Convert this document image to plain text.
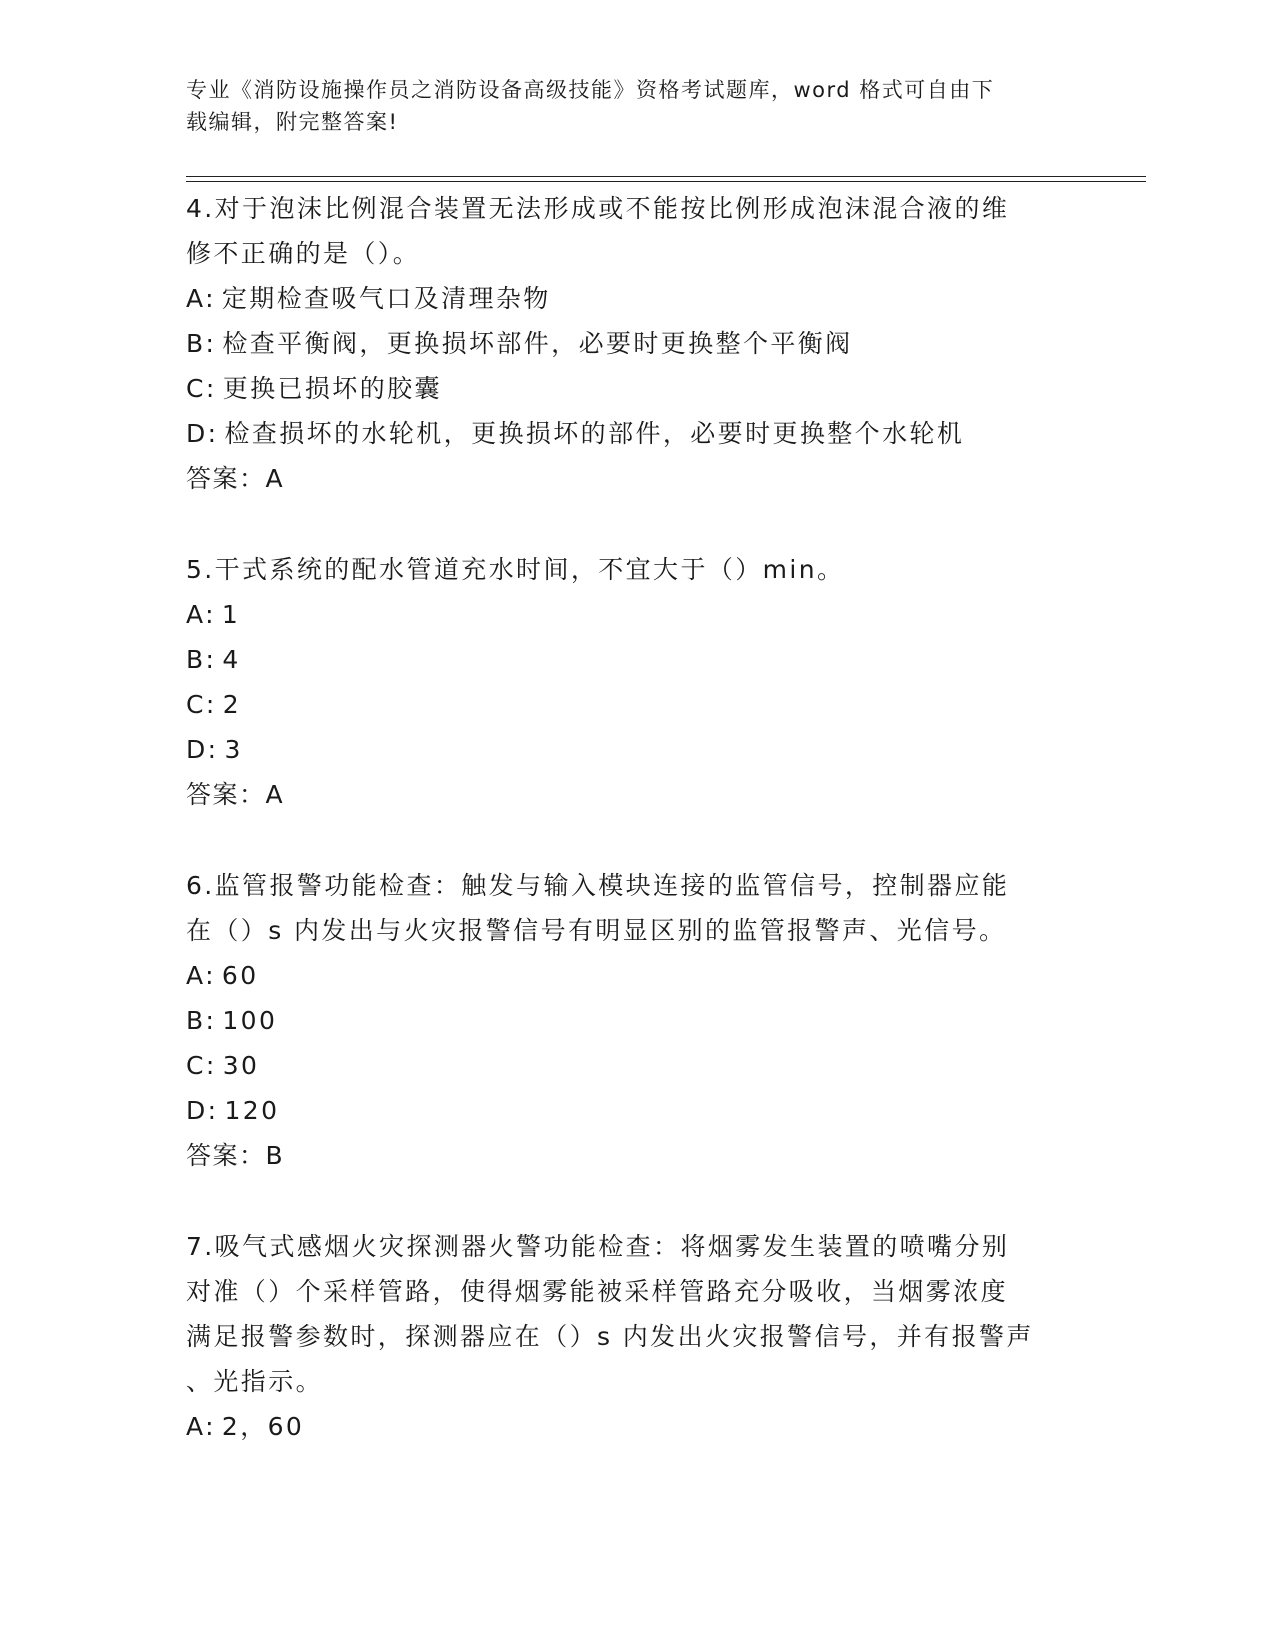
专业《消防设施操作员之消防设备高级技能》资格考试题库，word 格式可自由下
载编辑，附完整答案!
4.对于泡沫比例混合装置无法形成或不能按比例形成泡沫混合液的维
修不正确的是（）。
A: 定期检查吸气口及清理杂物
B: 检查平衡阀，更换损坏部件，必要时更换整个平衡阀
C: 更换已损坏的胶囊
D: 检查损坏的水轮机，更换损坏的部件，必要时更换整个水轮机
答案：A
5.干式系统的配水管道充水时间，不宜大于（）min。
A: 1
B: 4
C: 2
D: 3
答案：A
6.监管报警功能检查：触发与输入模块连接的监管信号，控制器应能
在（）s 内发出与火灾报警信号有明显区别的监管报警声、光信号。
A: 60
B: 100
C: 30
D: 120
答案：B
7.吸气式感烟火灾探测器火警功能检查：将烟雾发生装置的喷嘴分别
对准（）个采样管路，使得烟雾能被采样管路充分吸收，当烟雾浓度
满足报警参数时，探测器应在（）s 内发出火灾报警信号，并有报警声
、光指示。
A: 2，60
